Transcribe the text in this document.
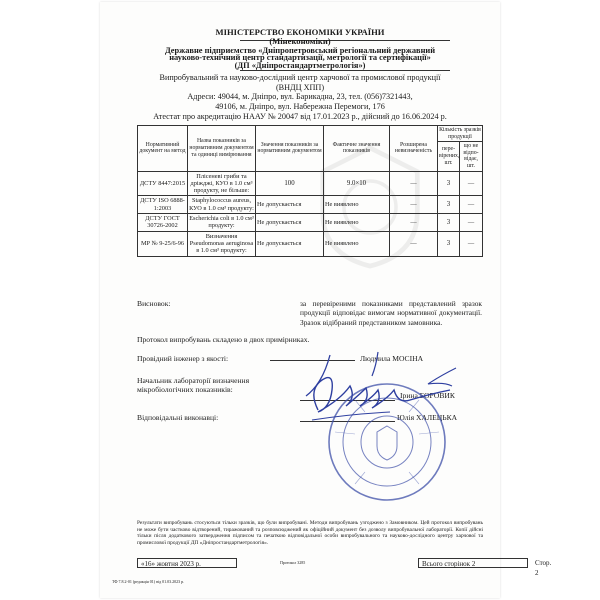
МІНІСТЕРСТВО ЕКОНОМІКИ УКРАЇНИ
(Мінекономіки)
Державне підприємство «Дніпропетровський регіональний державний
науково-технічний центр стандартизації, метрології та сертифікації»
(ДП «Дніпростандартметрологія»)
Випробувальний та науково-дослідний центр харчової та промислової продукції
(ВНДЦ ХПП)
Адреси: 49044, м. Дніпро, вул. Барикадна, 23, тел. (056)7321443,
49106, м. Дніпро, вул. Набережна Перемоги, 176
Атестат про акредитацію НААУ № 20047 від 17.01.2023 р., дійсний до 16.06.2024 р.
Нормативний документ на метод	Назва показників за нормативним документом та одиниці вимірювання	Значення показників за нормативним документом	Фактичне значення показників	Розширена невизначеність	Кількість зразків продукції	
					пере-вірених, шт.	що не відпо-відає, шт.
ДСТУ 8447:2015	Плісеневі гриби та дріжджі, КУО в 1.0 см³ продукту, не більше:	100	9.0×10	—	3	—
ДСТУ ISO 6888-1:2003	Staphylococcus aureus, КУО в 1.0 см³ продукту:	Не допускається	Не виявлено	—	3	—
ДСТУ ГОСТ 30726-2002	Escherichia coli в 1.0 см³ продукту:	Не допускається	Не виявлено	—	3	—
МР № 9-25/6-96	Визначення Pseudomonas aeruginosa в 1.0 см³ продукту:	Не допускається	Не виявлено	—	3	—
Висновок:	за перевіреними показниками представлений зразок продукції відповідає вимогам нормативної документації. Зразок відібраний представником замовника.
Протокол випробувань складено в двох примірниках.
Провідний інженер з якості:	Людмила МОСІНА
Начальник лабораторії визначення мікробіологічних показників:
Ірина БОРОВИК
Відповідальні виконавці:	Юлія ХАЛЕЦЬКА
Результати випробувань стосуються тільки зразків, що були випробувані. Методи випробувань узгоджено з Замовником. Цей протокол випробувань не може бути частково відтворений, тиражований та розповсюджений як офіційний документ без дозволу випробувальної лабораторії. Копії дійсні тільки після додаткового затвердження підписом та печаткою відповідальної особи випробувального та науково-дослідного центру харчової та промислової продукції ДП «Дніпростандартметрологія».
«16» жовтня 2023 р.	Протокол 3285	Всього сторінок 2
ТФ 7.8.2-01 (редакція 01) від 01.03.2023 р.
Стор. 2
